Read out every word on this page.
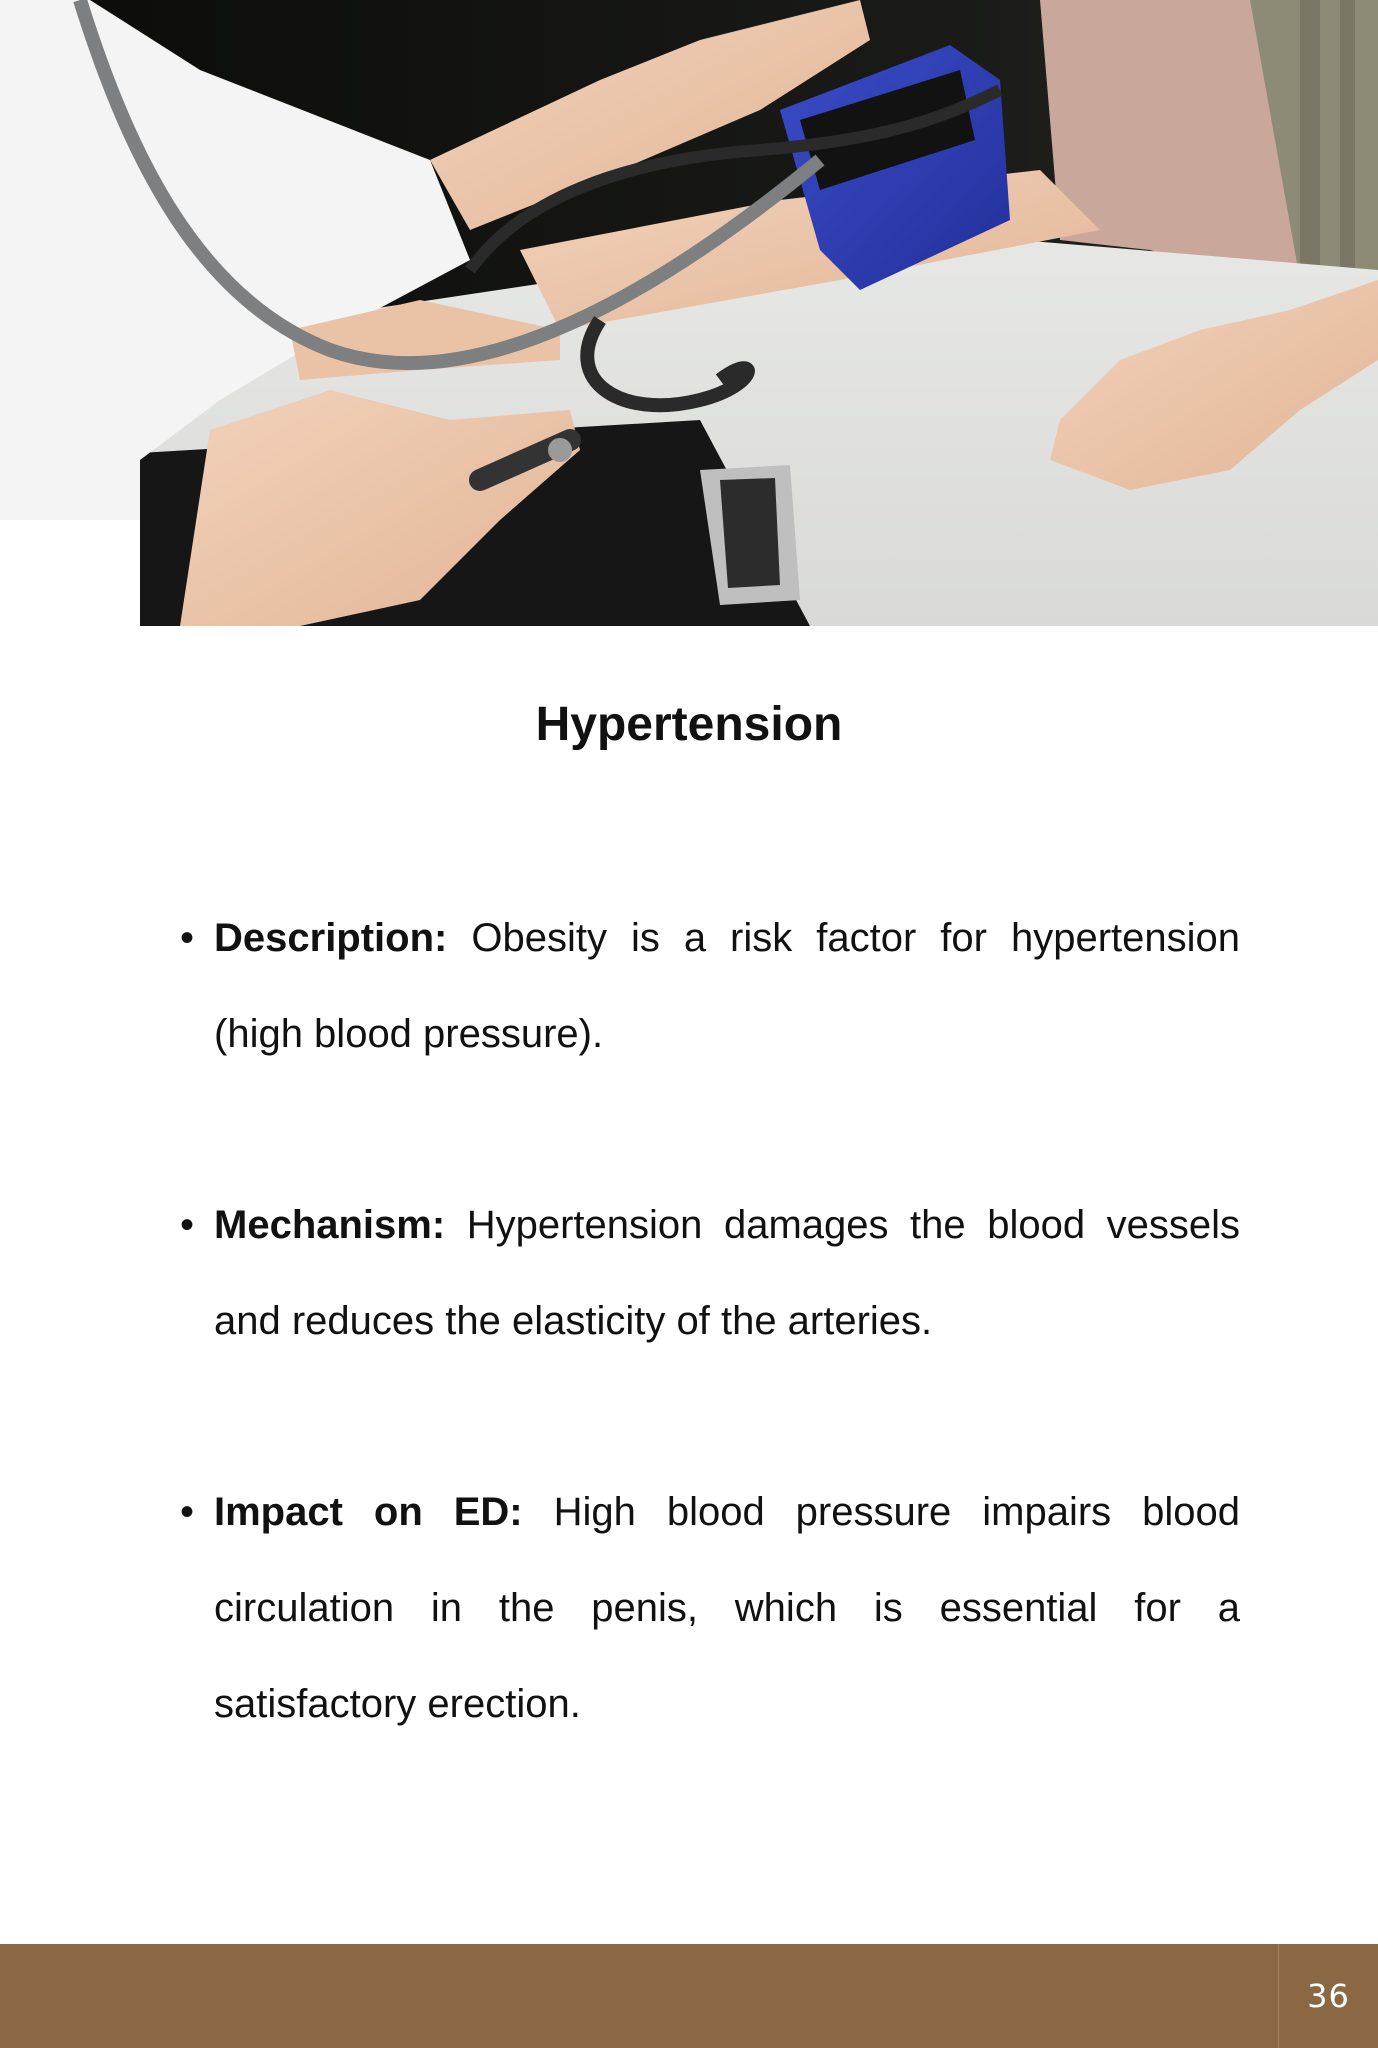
Hypertension
• Description: Obesity is a risk factor for hypertension (high blood pressure).
• Mechanism: Hypertension damages the blood vessels and reduces the elasticity of the arteries.
• Impact on ED: High blood pressure impairs blood circulation in the penis, which is essential for a satisfactory erection.
36
